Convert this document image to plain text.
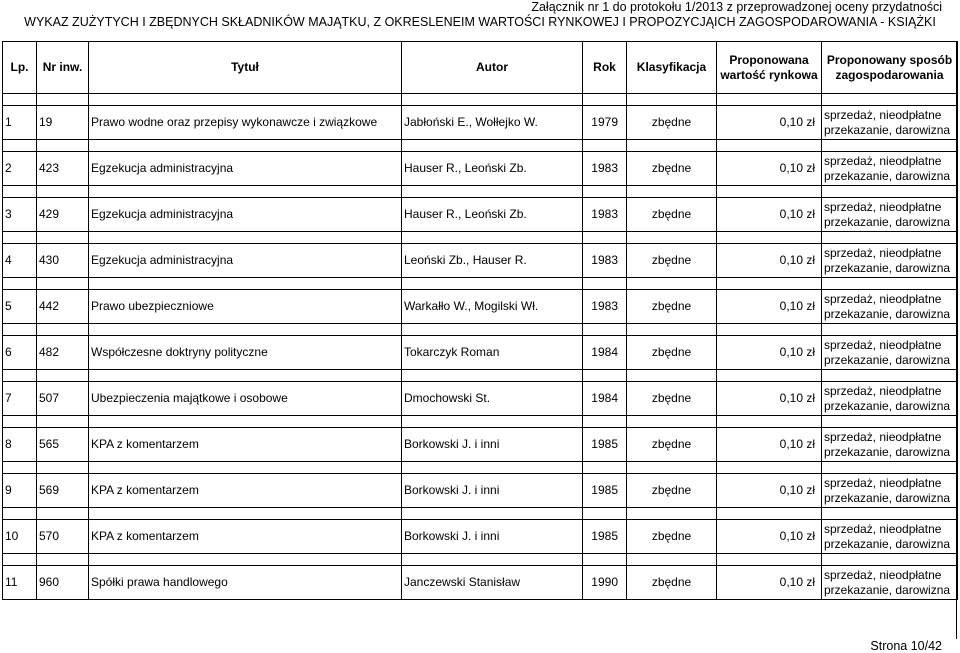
Załącznik nr 1 do protokołu 1/2013 z przeprowadzonej oceny przydatności
WYKAZ ZUŻYTYCH I ZBĘDNYCH SKŁADNIKÓW MAJĄTKU, Z OKRESLENEIM WARTOŚCI RYNKOWEJ I PROPOZYCJĄICH ZAGOSPODAROWANIA - KSIĄŻKI
Lp.	Nr inw.	Tytuł	Autor	Rok	Klasyfikacja	Proponowana wartość rynkowa	Proponowany sposób zagospodarowania

1	19	Prawo wodne oraz przepisy wykonawcze i związkowe	Jabłoński E., Wołłejko W.	1979	zbędne	0,10 zł	sprzedaż, nieodpłatne przekazanie, darowizna

2	423	Egzekucja administracyjna	Hauser R., Leoński Zb.	1983	zbędne	0,10 zł	sprzedaż, nieodpłatne przekazanie, darowizna

3	429	Egzekucja administracyjna	Hauser R., Leoński Zb.	1983	zbędne	0,10 zł	sprzedaż, nieodpłatne przekazanie, darowizna

4	430	Egzekucja administracyjna	Leoński Zb., Hauser R.	1983	zbędne	0,10 zł	sprzedaż, nieodpłatne przekazanie, darowizna

5	442	Prawo ubezpieczniowe	Warkałło W., Mogilski Wł.	1983	zbędne	0,10 zł	sprzedaż, nieodpłatne przekazanie, darowizna

6	482	Współczesne doktryny polityczne	Tokarczyk Roman	1984	zbędne	0,10 zł	sprzedaż, nieodpłatne przekazanie, darowizna

7	507	Ubezpieczenia majątkowe i osobowe	Dmochowski St.	1984	zbędne	0,10 zł	sprzedaż, nieodpłatne przekazanie, darowizna

8	565	KPA z komentarzem	Borkowski J. i inni	1985	zbędne	0,10 zł	sprzedaż, nieodpłatne przekazanie, darowizna

9	569	KPA z komentarzem	Borkowski J. i inni	1985	zbędne	0,10 zł	sprzedaż, nieodpłatne przekazanie, darowizna

10	570	KPA z komentarzem	Borkowski J. i inni	1985	zbędne	0,10 zł	sprzedaż, nieodpłatne przekazanie, darowizna

11	960	Spółki prawa handlowego	Janczewski Stanisław	1990	zbędne	0,10 zł	sprzedaż, nieodpłatne przekazanie, darowizna
Strona 10/42
